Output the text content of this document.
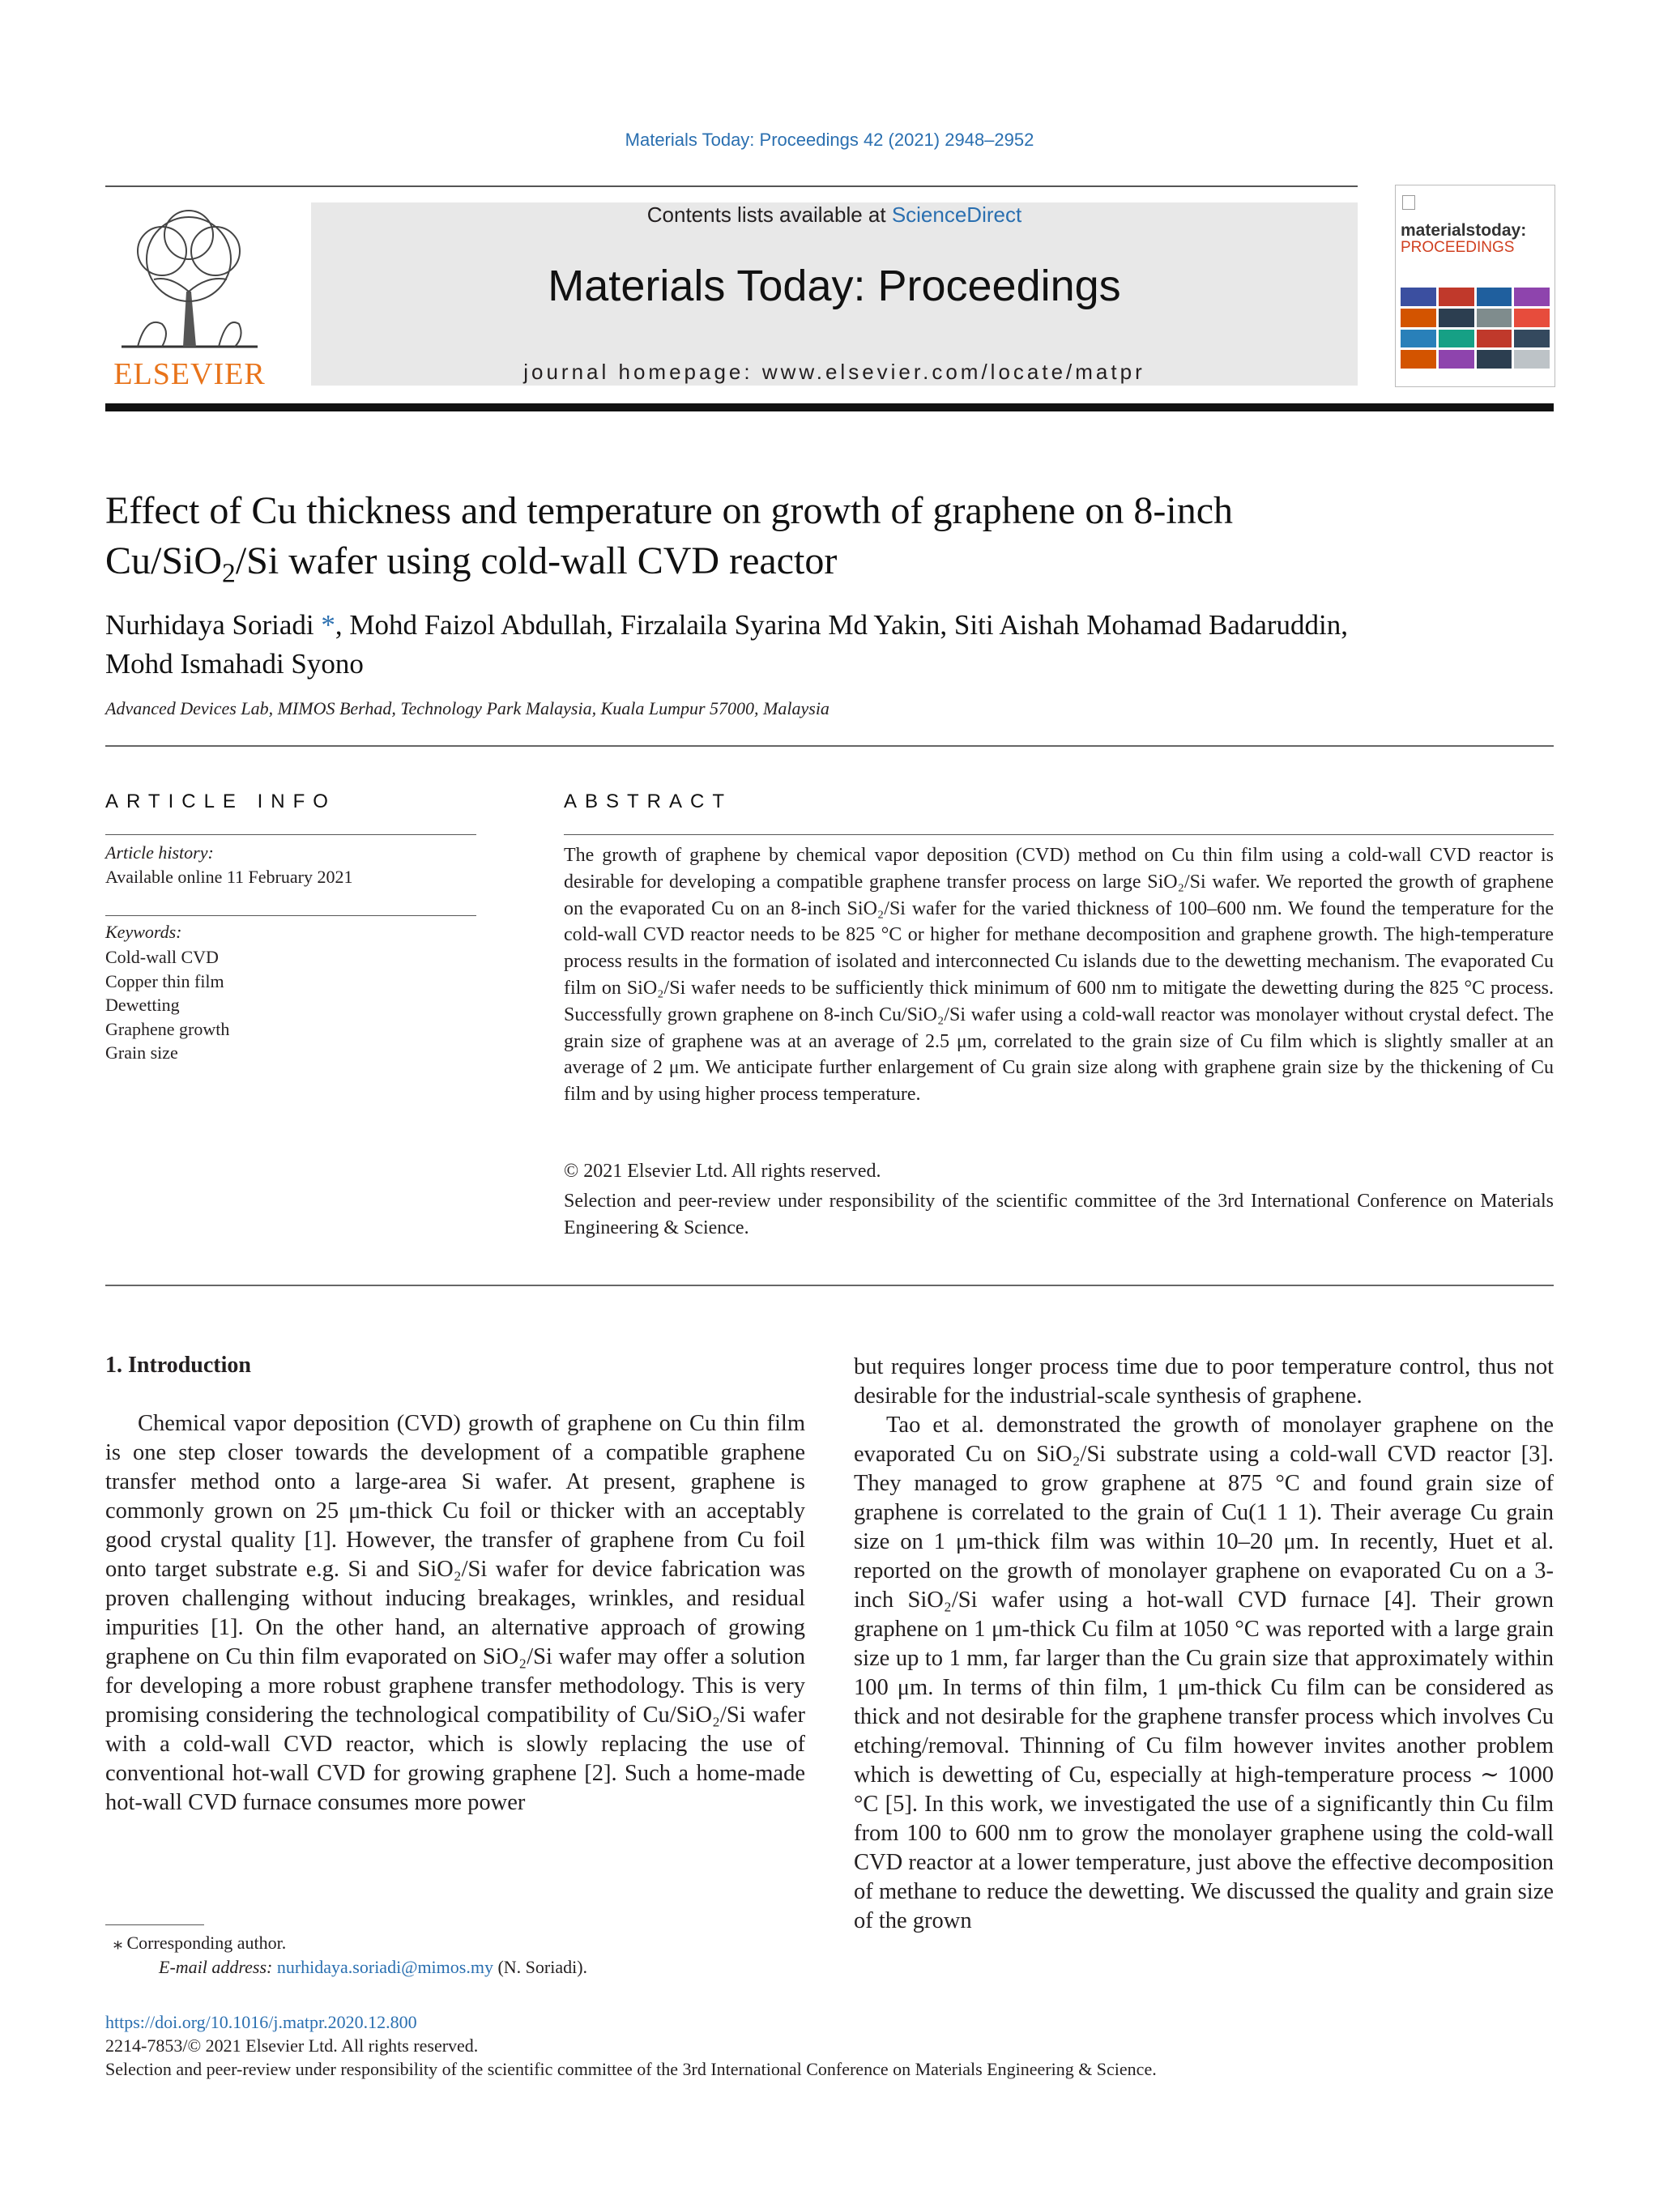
Materials Today: Proceedings 42 (2021) 2948–2952
ELSEVIER
Contents lists available at ScienceDirect
Materials Today: Proceedings
journal homepage: www.elsevier.com/locate/matpr
materialstoday:
PROCEEDINGS
Effect of Cu thickness and temperature on growth of graphene on 8-inch
Cu/SiO$_2$/Si wafer using cold-wall CVD reactor
Nurhidaya Soriadi *, Mohd Faizol Abdullah, Firzalaila Syarina Md Yakin, Siti Aishah Mohamad Badaruddin,
Mohd Ismahadi Syono
Advanced Devices Lab, MIMOS Berhad, Technology Park Malaysia, Kuala Lumpur 57000, Malaysia
ARTICLE INFO
Article history:
Available online 11 February 2021
Keywords:
Cold-wall CVD
Copper thin film
Dewetting
Graphene growth
Grain size
ABSTRACT
The growth of graphene by chemical vapor deposition (CVD) method on Cu thin film using a cold-wall CVD reactor is desirable for developing a compatible graphene transfer process on large SiO₂/Si wafer. We reported the growth of graphene on the evaporated Cu on an 8-inch SiO₂/Si wafer for the varied thickness of 100–600 nm. We found the temperature for the cold-wall CVD reactor needs to be 825 °C or higher for methane decomposition and graphene growth. The high-temperature process results in the formation of isolated and interconnected Cu islands due to the dewetting mechanism. The evaporated Cu film on SiO₂/Si wafer needs to be sufficiently thick minimum of 600 nm to mitigate the dewetting during the 825 °C process. Successfully grown graphene on 8-inch Cu/SiO₂/Si wafer using a cold-wall reactor was monolayer without crystal defect. The grain size of graphene was at an average of 2.5 μm, correlated to the grain size of Cu film which is slightly smaller at an average of 2 μm. We anticipate further enlargement of Cu grain size along with graphene grain size by the thickening of Cu film and by using higher process temperature.
© 2021 Elsevier Ltd. All rights reserved.
Selection and peer-review under responsibility of the scientific committee of the 3rd International Conference on Materials Engineering & Science.
1. Introduction

Chemical vapor deposition (CVD) growth of graphene on Cu thin film is one step closer towards the development of a compatible graphene transfer method onto a large-area Si wafer. At present, graphene is commonly grown on 25 μm-thick Cu foil or thicker with an acceptably good crystal quality [1]. However, the transfer of graphene from Cu foil onto target substrate e.g. Si and SiO₂/Si wafer for device fabrication was proven challenging without inducing breakages, wrinkles, and residual impurities [1]. On the other hand, an alternative approach of growing graphene on Cu thin film evaporated on SiO₂/Si wafer may offer a solution for developing a more robust graphene transfer methodology. This is very promising considering the technological compatibility of Cu/SiO₂/Si wafer with a cold-wall CVD reactor, which is slowly replacing the use of conventional hot-wall CVD for growing graphene [2]. Such a home-made hot-wall CVD furnace consumes more power

but requires longer process time due to poor temperature control, thus not desirable for the industrial-scale synthesis of graphene.

Tao et al. demonstrated the growth of monolayer graphene on the evaporated Cu on SiO₂/Si substrate using a cold-wall CVD reactor [3]. They managed to grow graphene at 875 °C and found grain size of graphene is correlated to the grain of Cu(1 1 1). Their average Cu grain size on 1 μm-thick film was within 10–20 μm. In recently, Huet et al. reported on the growth of monolayer graphene on evaporated Cu on a 3-inch SiO₂/Si wafer using a hot-wall CVD furnace [4]. Their grown graphene on 1 μm-thick Cu film at 1050 °C was reported with a large grain size up to 1 mm, far larger than the Cu grain size that approximately within 100 μm. In terms of thin film, 1 μm-thick Cu film can be considered as thick and not desirable for the graphene transfer process which involves Cu etching/removal. Thinning of Cu film however invites another problem which is dewetting of Cu, especially at high-temperature process ∼ 1000 °C [5]. In this work, we investigated the use of a significantly thin Cu film from 100 to 600 nm to grow the monolayer graphene using the cold-wall CVD reactor at a lower temperature, just above the effective decomposition of methane to reduce the dewetting. We discussed the quality and grain size of the grown

⁎ Corresponding author.
E-mail address: nurhidaya.soriadi@mimos.my (N. Soriadi).
https://doi.org/10.1016/j.matpr.2020.12.800
2214-7853/© 2021 Elsevier Ltd. All rights reserved.
Selection and peer-review under responsibility of the scientific committee of the 3rd International Conference on Materials Engineering & Science.
